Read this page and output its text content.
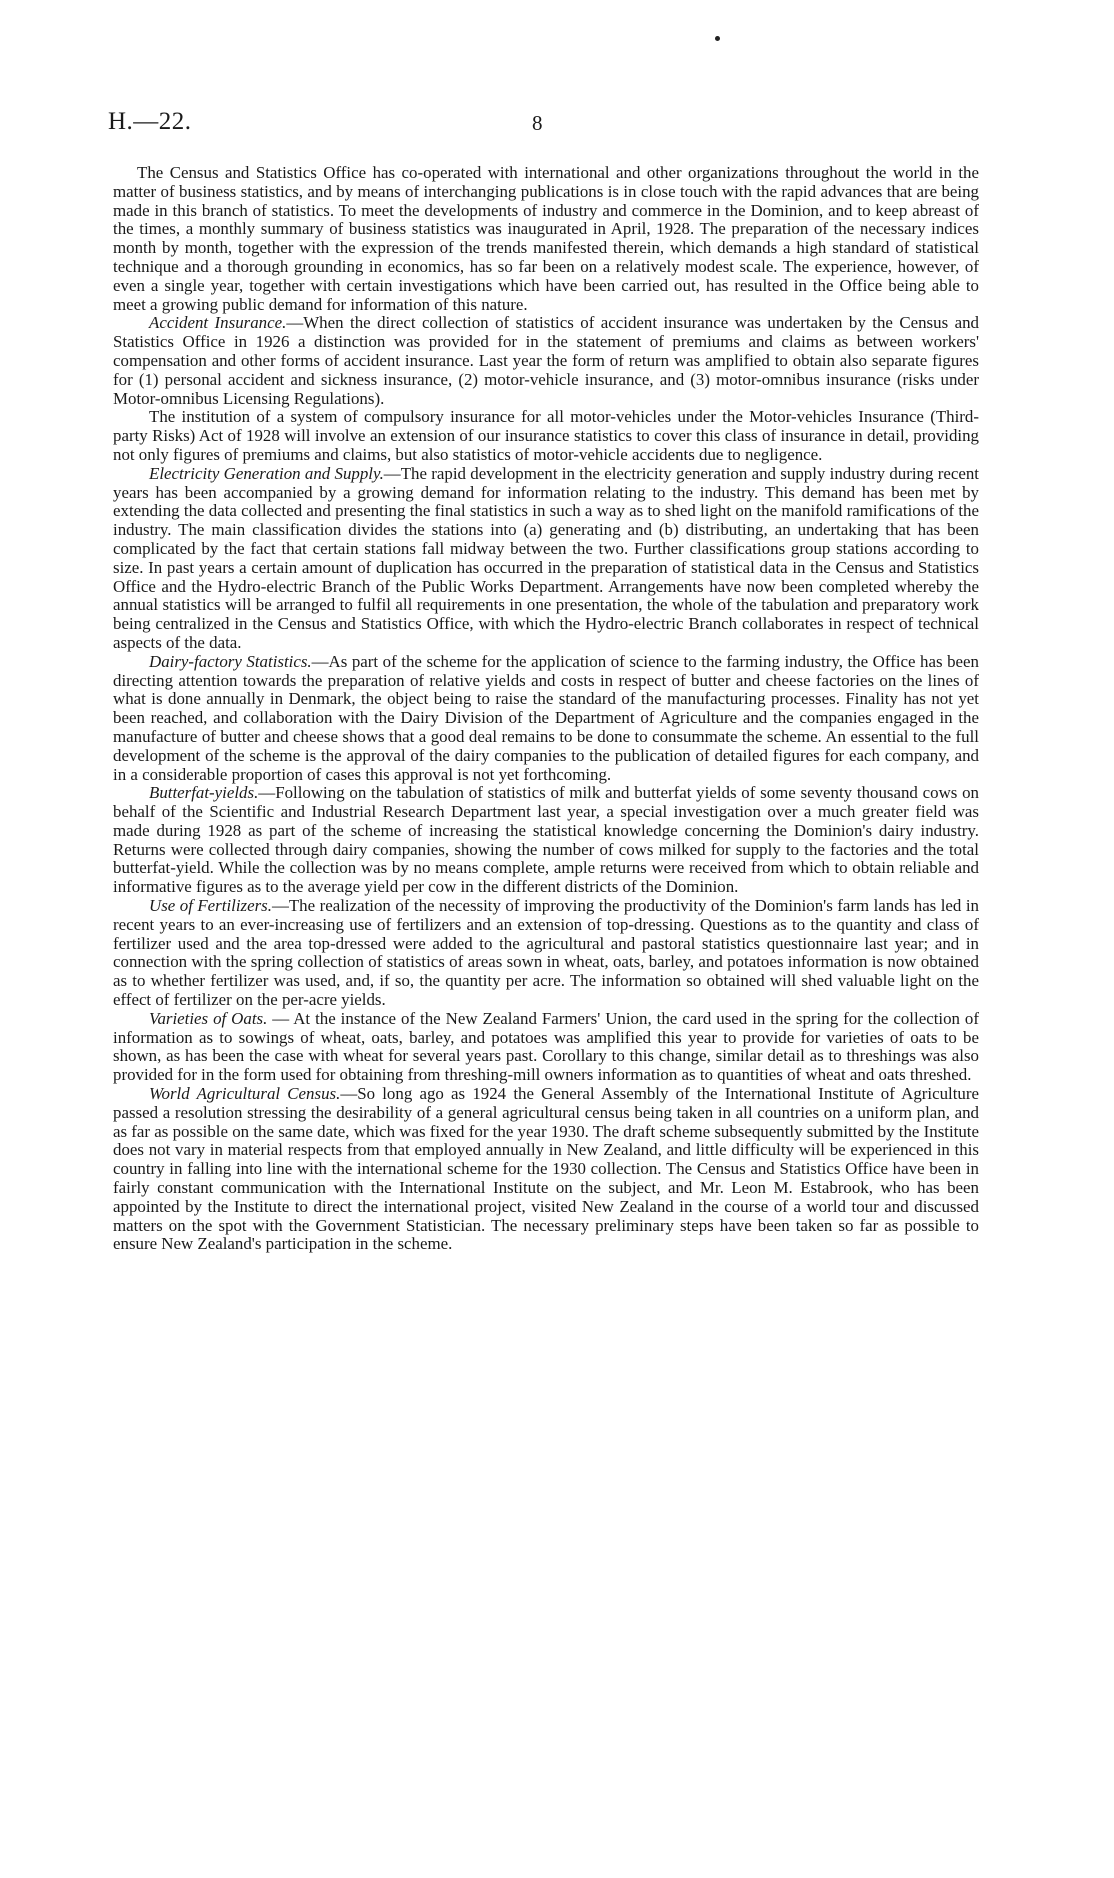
H.—22.	8

The Census and Statistics Office has co-operated with international and other organizations throughout the world in the matter of business statistics, and by means of interchanging publications is in close touch with the rapid advances that are being made in this branch of statistics. To meet the developments of industry and commerce in the Dominion, and to keep abreast of the times, a monthly summary of business statistics was inaugurated in April, 1928. The preparation of the necessary indices month by month, together with the expression of the trends manifested therein, which demands a high standard of statistical technique and a thorough grounding in economics, has so far been on a relatively modest scale. The experience, however, of even a single year, together with certain investigations which have been carried out, has resulted in the Office being able to meet a growing public demand for information of this nature.

Accident Insurance.—When the direct collection of statistics of accident insurance was undertaken by the Census and Statistics Office in 1926 a distinction was provided for in the statement of premiums and claims as between workers' compensation and other forms of accident insurance. Last year the form of return was amplified to obtain also separate figures for (1) personal accident and sickness insurance, (2) motor-vehicle insurance, and (3) motor-omnibus insurance (risks under Motor-omnibus Licensing Regulations).

The institution of a system of compulsory insurance for all motor-vehicles under the Motor-vehicles Insurance (Third-party Risks) Act of 1928 will involve an extension of our insurance statistics to cover this class of insurance in detail, providing not only figures of premiums and claims, but also statistics of motor-vehicle accidents due to negligence.

Electricity Generation and Supply.—The rapid development in the electricity generation and supply industry during recent years has been accompanied by a growing demand for information relating to the industry. This demand has been met by extending the data collected and presenting the final statistics in such a way as to shed light on the manifold ramifications of the industry. The main classification divides the stations into (a) generating and (b) distributing, an undertaking that has been complicated by the fact that certain stations fall midway between the two. Further classifications group stations according to size. In past years a certain amount of duplication has occurred in the preparation of statistical data in the Census and Statistics Office and the Hydro-electric Branch of the Public Works Department. Arrangements have now been completed whereby the annual statistics will be arranged to fulfil all requirements in one presentation, the whole of the tabulation and preparatory work being centralized in the Census and Statistics Office, with which the Hydro-electric Branch collaborates in respect of technical aspects of the data.

Dairy-factory Statistics.—As part of the scheme for the application of science to the farming industry, the Office has been directing attention towards the preparation of relative yields and costs in respect of butter and cheese factories on the lines of what is done annually in Denmark, the object being to raise the standard of the manufacturing processes. Finality has not yet been reached, and collaboration with the Dairy Division of the Department of Agriculture and the companies engaged in the manufacture of butter and cheese shows that a good deal remains to be done to consummate the scheme. An essential to the full development of the scheme is the approval of the dairy companies to the publication of detailed figures for each company, and in a considerable proportion of cases this approval is not yet forthcoming.

Butterfat-yields.—Following on the tabulation of statistics of milk and butterfat yields of some seventy thousand cows on behalf of the Scientific and Industrial Research Department last year, a special investigation over a much greater field was made during 1928 as part of the scheme of increasing the statistical knowledge concerning the Dominion's dairy industry. Returns were collected through dairy companies, showing the number of cows milked for supply to the factories and the total butterfat-yield. While the collection was by no means complete, ample returns were received from which to obtain reliable and informative figures as to the average yield per cow in the different districts of the Dominion.

Use of Fertilizers.—The realization of the necessity of improving the productivity of the Dominion's farm lands has led in recent years to an ever-increasing use of fertilizers and an extension of top-dressing. Questions as to the quantity and class of fertilizer used and the area top-dressed were added to the agricultural and pastoral statistics questionnaire last year; and in connection with the spring collection of statistics of areas sown in wheat, oats, barley, and potatoes information is now obtained as to whether fertilizer was used, and, if so, the quantity per acre. The information so obtained will shed valuable light on the effect of fertilizer on the per-acre yields.

Varieties of Oats. — At the instance of the New Zealand Farmers' Union, the card used in the spring for the collection of information as to sowings of wheat, oats, barley, and potatoes was amplified this year to provide for varieties of oats to be shown, as has been the case with wheat for several years past. Corollary to this change, similar detail as to threshings was also provided for in the form used for obtaining from threshing-mill owners information as to quantities of wheat and oats threshed.

World Agricultural Census.—So long ago as 1924 the General Assembly of the International Institute of Agriculture passed a resolution stressing the desirability of a general agricultural census being taken in all countries on a uniform plan, and as far as possible on the same date, which was fixed for the year 1930. The draft scheme subsequently submitted by the Institute does not vary in material respects from that employed annually in New Zealand, and little difficulty will be experienced in this country in falling into line with the international scheme for the 1930 collection. The Census and Statistics Office have been in fairly constant communication with the International Institute on the subject, and Mr. Leon M. Estabrook, who has been appointed by the Institute to direct the international project, visited New Zealand in the course of a world tour and discussed matters on the spot with the Government Statistician. The necessary preliminary steps have been taken so far as possible to ensure New Zealand's participation in the scheme.
